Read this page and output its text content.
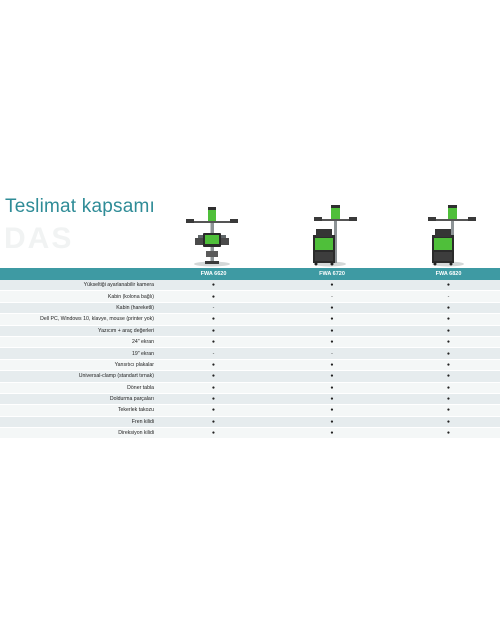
Teslimat kapsamı
DAS
	FWA 6620	FWA 6720	FWA 6820
Yükseltiği ayarlanabilir kamera	●	●	●
Kabin (kolona bağlı)	●	-	-
Kabin (hareketli)	-	●	●
Dell PC, Windows 10, klavye, mouse (printer yok)	●	●	●
Yazıcım + araç değerleri	●	●	●
24" ekran	●	●	●
19" ekran	-	-	●
Yansıtıcı plakalar	●	●	●
Universal-clamp (standart tırnak)	●	●	●
Döner tabla	●	●	●
Doldurma parçaları	●	●	●
Tekerlek takozu	●	●	●
Fren kilidi	●	●	●
Direksiyon kilidi	●	●	●
